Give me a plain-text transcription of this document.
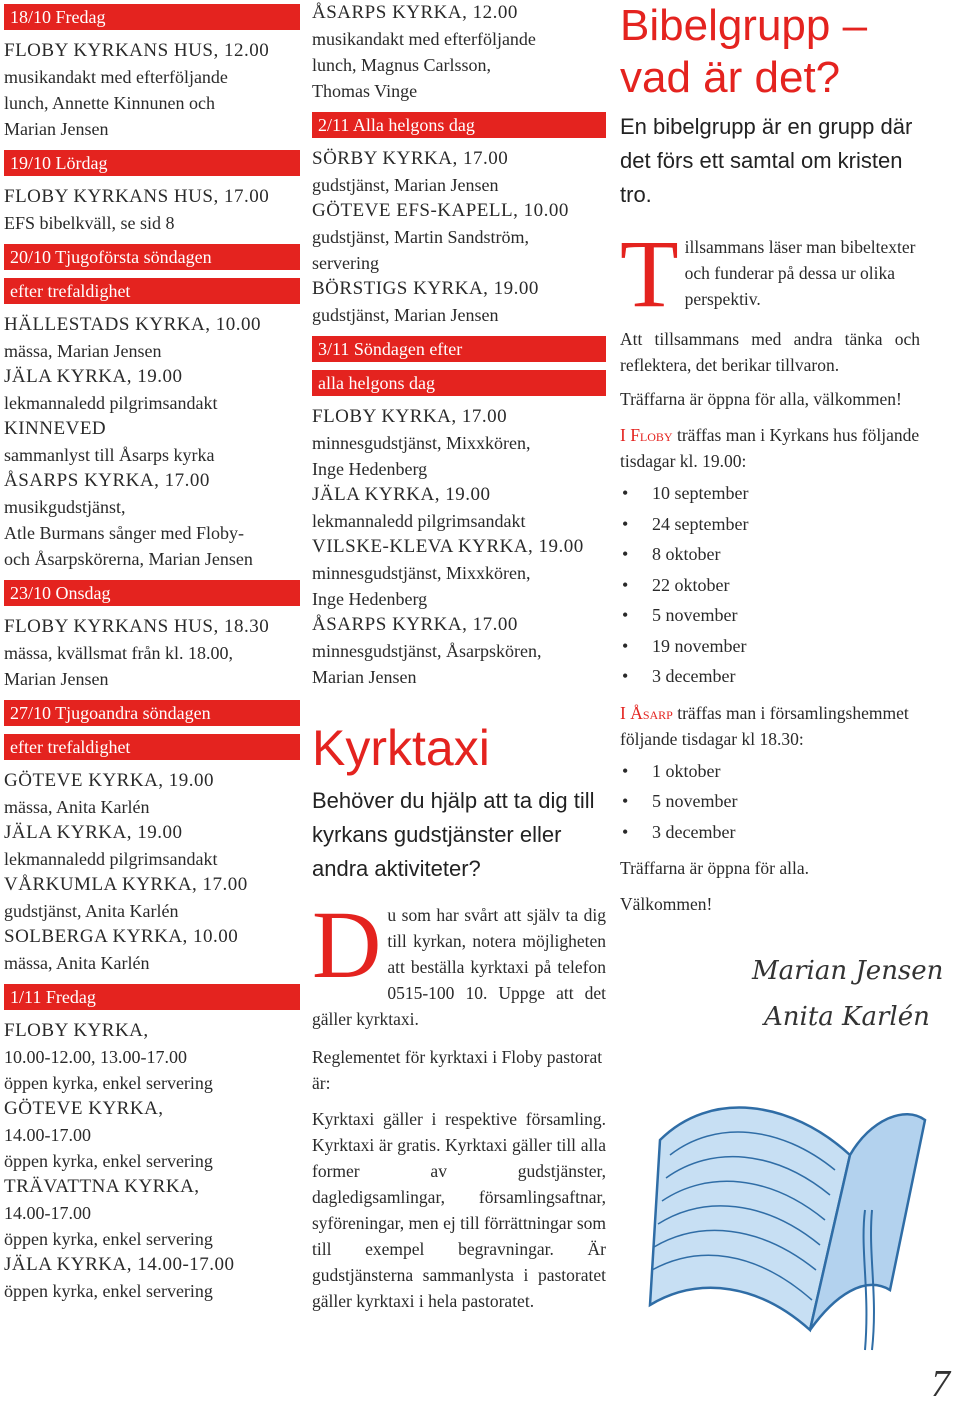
18/10 Fredag
FLOBY KYRKANS HUS, 12.00
musikandakt med efterföljande
lunch, Annette Kinnunen och
Marian Jensen
19/10 Lördag
FLOBY KYRKANS HUS, 17.00
EFS bibelkväll, se sid 8
20/10 Tjugoförsta söndagen
efter trefaldighet
HÄLLESTADS KYRKA, 10.00
mässa, Marian Jensen
JÄLA KYRKA, 19.00
lekmannaledd pilgrimsandakt
KINNEVED
sammanlyst till Åsarps kyrka
ÅSARPS KYRKA, 17.00
musikgudstjänst,
Atle Burmans sånger med Floby-
och Åsarpskörerna, Marian Jensen
23/10 Onsdag
FLOBY KYRKANS HUS, 18.30
mässa, kvällsmat från kl. 18.00,
Marian Jensen
27/10 Tjugoandra söndagen
efter trefaldighet
GÖTEVE KYRKA, 19.00
mässa, Anita Karlén
JÄLA KYRKA, 19.00
lekmannaledd pilgrimsandakt
VÅRKUMLA KYRKA, 17.00
gudstjänst, Anita Karlén
SOLBERGA KYRKA, 10.00
mässa, Anita Karlén
1/11 Fredag
FLOBY KYRKA,
10.00-12.00, 13.00-17.00
öppen kyrka, enkel servering
GÖTEVE KYRKA,
14.00-17.00
öppen kyrka, enkel servering
TRÄVATTNA KYRKA,
14.00-17.00
öppen kyrka, enkel servering
JÄLA KYRKA, 14.00-17.00
öppen kyrka, enkel servering
ÅSARPS KYRKA, 12.00
musikandakt med efterföljande
lunch, Magnus Carlsson,
Thomas Vinge
2/11 Alla helgons dag
SÖRBY KYRKA, 17.00
gudstjänst, Marian Jensen
GÖTEVE EFS-KAPELL, 10.00
gudstjänst, Martin Sandström,
servering
BÖRSTIGS KYRKA, 19.00
gudstjänst, Marian Jensen
3/11 Söndagen efter
alla helgons dag
FLOBY KYRKA, 17.00
minnesgudstjänst, Mixxkören,
Inge Hedenberg
JÄLA KYRKA, 19.00
lekmannaledd pilgrimsandakt
VILSKE-KLEVA KYRKA, 19.00
minnesgudstjänst, Mixxkören,
Inge Hedenberg
ÅSARPS KYRKA, 17.00
minnesgudstjänst, Åsarpskören,
Marian Jensen
Kyrktaxi
Behöver du hjälp att ta dig till kyrkans gudstjänster eller andra aktiviteter?
D u som har svårt att själv ta dig till kyrkan, notera möjligheten att beställa kyrktaxi på telefon 0515-100 10. Uppge att det gäller kyrktaxi.
Reglementet för kyrktaxi i Floby pastorat är:
Kyrktaxi gäller i respektive församling. Kyrktaxi är gratis. Kyrktaxi gäller till alla former av gudstjänster, dagledigsamlingar, församlingsaftnar, syföreningar, men ej till förrättningar som till exempel begravningar. Är gudstjänsterna sammanlysta i pastoratet gäller kyrktaxi i hela pastoratet.
Bibelgrupp –
vad är det?
En bibelgrupp är en grupp där det förs ett samtal om kristen tro.
T illsammans läser man bibeltexter och funderar på dessa ur olika perspektiv.
Att tillsammans med andra tänka och reflektera, det berikar tillvaron.
Träffarna är öppna för alla, välkommen!
I Floby träffas man i Kyrkans hus följande tisdagar kl. 19.00:
• 10 september
• 24 september
• 8 oktober
• 22 oktober
• 5 november
• 19 november
• 3 december
I Åsarp träffas man i församlingshemmet följande tisdagar kl 18.30:
• 1 oktober
• 5 november
• 3 december
Träffarna är öppna för alla.
Välkommen!
Marian Jensen
Anita Karlén
7
